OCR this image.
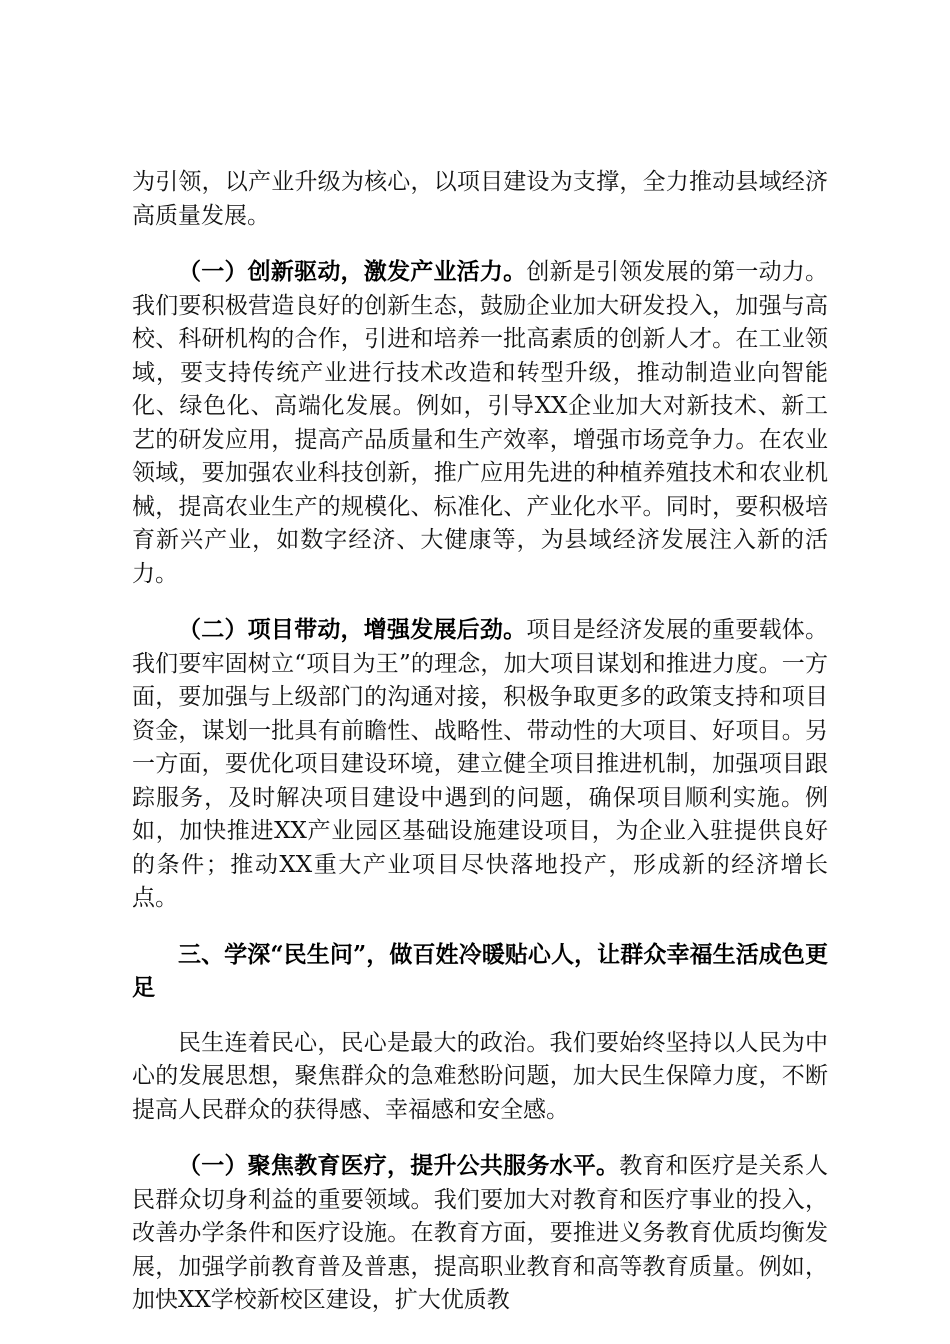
为引领，以产业升级为核心，以项目建设为支撑，全力推动县域经济高质量发展。

（一）创新驱动，激发产业活力。创新是引领发展的第一动力。我们要积极营造良好的创新生态，鼓励企业加大研发投入，加强与高校、科研机构的合作，引进和培养一批高素质的创新人才。在工业领域，要支持传统产业进行技术改造和转型升级，推动制造业向智能化、绿色化、高端化发展。例如，引导XX企业加大对新技术、新工艺的研发应用，提高产品质量和生产效率，增强市场竞争力。在农业领域，要加强农业科技创新，推广应用先进的种植养殖技术和农业机械，提高农业生产的规模化、标准化、产业化水平。同时，要积极培育新兴产业，如数字经济、大健康等，为县域经济发展注入新的活力。

（二）项目带动，增强发展后劲。项目是经济发展的重要载体。我们要牢固树立“项目为王”的理念，加大项目谋划和推进力度。一方面，要加强与上级部门的沟通对接，积极争取更多的政策支持和项目资金，谋划一批具有前瞻性、战略性、带动性的大项目、好项目。另一方面，要优化项目建设环境，建立健全项目推进机制，加强项目跟踪服务，及时解决项目建设中遇到的问题，确保项目顺利实施。例如，加快推进XX产业园区基础设施建设项目，为企业入驻提供良好的条件；推动XX重大产业项目尽快落地投产，形成新的经济增长点。

三、学深“民生问”，做百姓冷暖贴心人，让群众幸福生活成色更足

民生连着民心，民心是最大的政治。我们要始终坚持以人民为中心的发展思想，聚焦群众的急难愁盼问题，加大民生保障力度，不断提高人民群众的获得感、幸福感和安全感。

（一）聚焦教育医疗，提升公共服务水平。教育和医疗是关系人民群众切身利益的重要领域。我们要加大对教育和医疗事业的投入，改善办学条件和医疗设施。在教育方面，要推进义务教育优质均衡发展，加强学前教育普及普惠，提高职业教育和高等教育质量。例如，加快XX学校新校区建设，扩大优质教
